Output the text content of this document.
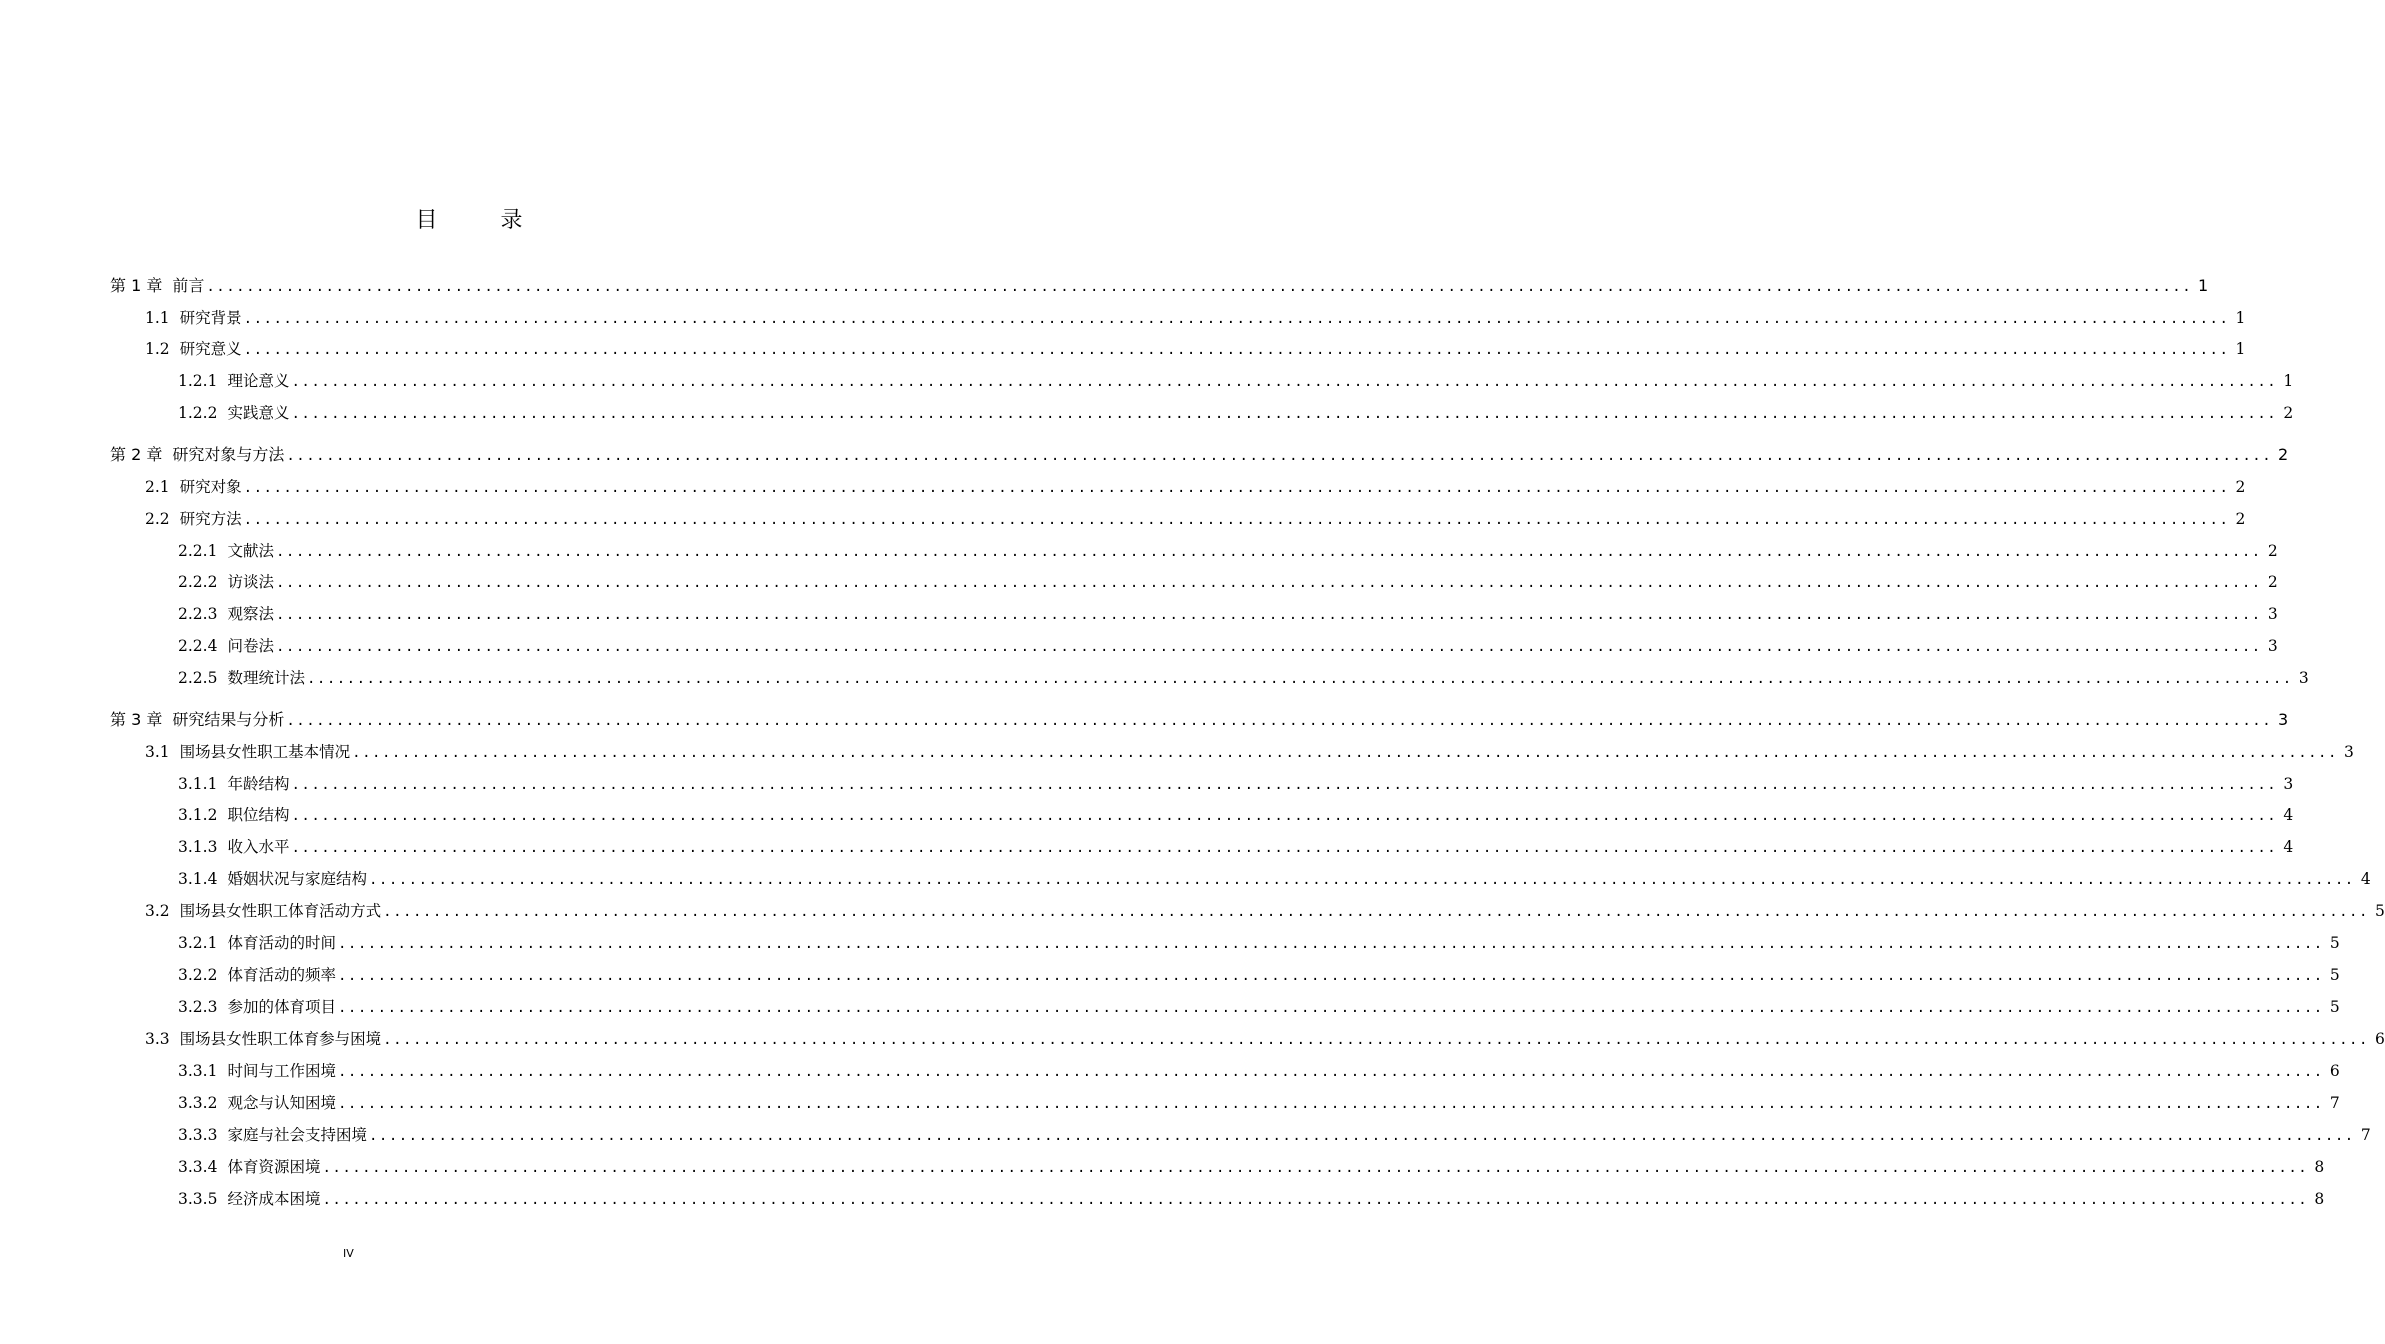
目 录
第 1 章 前言 ........................................................................................................................................................................................................ 1
1.1 研究背景 ........................................................................................................................................................................................................ 1
1.2 研究意义 ........................................................................................................................................................................................................ 1
1.2.1 理论意义 ........................................................................................................................................................................................................ 1
1.2.2 实践意义 ........................................................................................................................................................................................................ 2
第 2 章 研究对象与方法 ........................................................................................................................................................................................................ 2
2.1 研究对象 ........................................................................................................................................................................................................ 2
2.2 研究方法 ........................................................................................................................................................................................................ 2
2.2.1 文献法 ........................................................................................................................................................................................................ 2
2.2.2 访谈法 ........................................................................................................................................................................................................ 2
2.2.3 观察法 ........................................................................................................................................................................................................ 3
2.2.4 问卷法 ........................................................................................................................................................................................................ 3
2.2.5 数理统计法 ........................................................................................................................................................................................................ 3
第 3 章 研究结果与分析 ........................................................................................................................................................................................................ 3
3.1 围场县女性职工基本情况 ........................................................................................................................................................................................................ 3
3.1.1 年龄结构 ........................................................................................................................................................................................................ 3
3.1.2 职位结构 ........................................................................................................................................................................................................ 4
3.1.3 收入水平 ........................................................................................................................................................................................................ 4
3.1.4 婚姻状况与家庭结构 ........................................................................................................................................................................................................ 4
3.2 围场县女性职工体育活动方式 ........................................................................................................................................................................................................ 5
3.2.1 体育活动的时间 ........................................................................................................................................................................................................ 5
3.2.2 体育活动的频率 ........................................................................................................................................................................................................ 5
3.2.3 参加的体育项目 ........................................................................................................................................................................................................ 5
3.3 围场县女性职工体育参与困境 ........................................................................................................................................................................................................ 6
3.3.1 时间与工作困境 ........................................................................................................................................................................................................ 6
3.3.2 观念与认知困境 ........................................................................................................................................................................................................ 7
3.3.3 家庭与社会支持困境 ........................................................................................................................................................................................................ 7
3.3.4 体育资源困境 ........................................................................................................................................................................................................ 8
3.3.5 经济成本困境 ........................................................................................................................................................................................................ 8
IV
